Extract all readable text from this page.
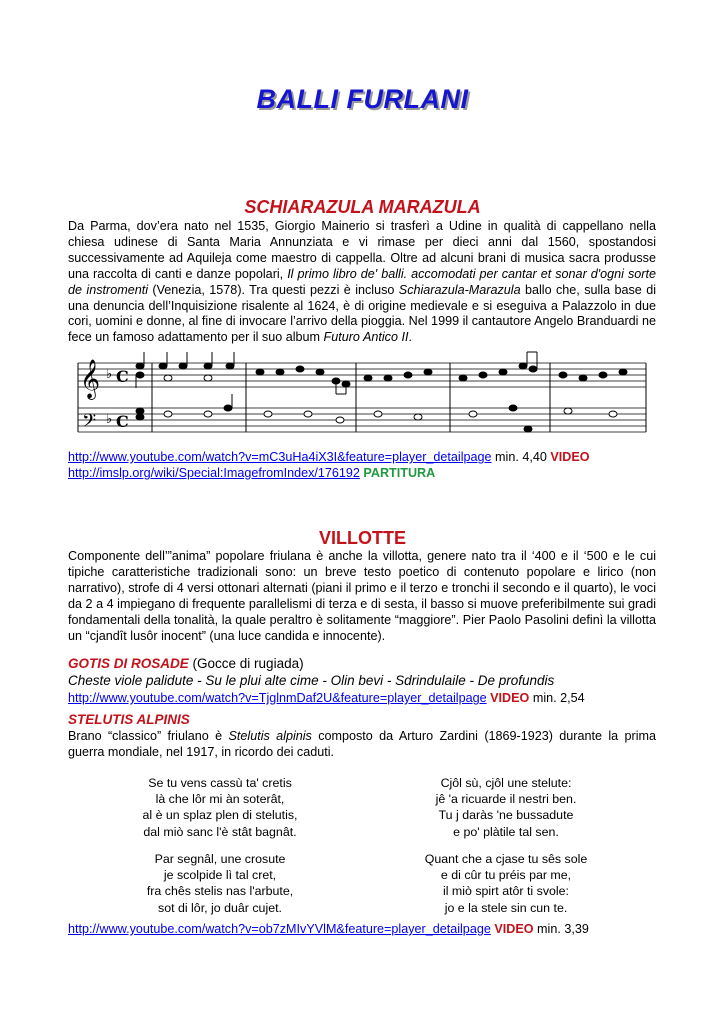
BALLI FURLANI
SCHIARAZULA MARAZULA
Da Parma, dov’era nato nel 1535, Giorgio Mainerio si trasferì a Udine in qualità di cappellano nella chiesa udinese di Santa Maria Annunziata e vi rimase per dieci anni dal 1560, spostandosi successivamente ad Aquileja come maestro di cappella. Oltre ad alcuni brani di musica sacra produsse una raccolta di canti e danze popolari, Il primo libro de' balli. accomodati per cantar et sonar d'ogni sorte de instromenti (Venezia, 1578). Tra questi pezzi è incluso Schiarazula-Marazula ballo che, sulla base di una denuncia dell’Inquisizione risalente al 1624, è di origine medievale e si eseguiva a Palazzolo in due cori, uomini e donne, al fine di invocare l’arrivo della pioggia. Nel 1999 il cantautore Angelo Branduardi ne fece un famoso adattamento per il suo album Futuro Antico II.
𝄞
𝄢
♭
♭
C
C
http://www.youtube.com/watch?v=mC3uHa4iX3I&feature=player_detailpage min. 4,40 VIDEO
http://imslp.org/wiki/Special:ImagefromIndex/176192 PARTITURA
VILLOTTE
Componente dell’”anima” popolare friulana è anche la villotta, genere nato tra il ‘400 e il ‘500 e le cui tipiche caratteristiche tradizionali sono: un breve testo poetico di contenuto popolare e lirico (non narrativo), strofe di 4 versi ottonari alternati (piani il primo e il terzo e tronchi il secondo e il quarto), le voci da 2 a 4 impiegano di frequente parallelismi di terza e di sesta, il basso si muove preferibilmente sui gradi fondamentali della tonalità, la quale peraltro è solitamente “maggiore”. Pier Paolo Pasolini definì la villotta un “cjandît lusôr inocent” (una luce candida e innocente).
GOTIS DI ROSADE (Gocce di rugiada)
Cheste viole palidute - Su le plui alte cime - Olin bevi - Sdrindulaile - De profundis
http://www.youtube.com/watch?v=TjglnmDaf2U&feature=player_detailpage VIDEO min. 2,54
STELUTIS ALPINIS
Brano “classico” friulano è Stelutis alpinis composto da Arturo Zardini (1869-1923) durante la prima guerra mondiale, nel 1917, in ricordo dei caduti.
Se tu vens cassù ta' cretis
là che lôr mi àn soterât,
al è un splaz plen di stelutis,
dal miò sanc l'è stât bagnât.
Cjôl sù, cjôl une stelute:
jê 'a ricuarde il nestri ben.
Tu j daràs 'ne bussadute
e po' plàtile tal sen.
Par segnâl, une crosute
je scolpide lì tal cret,
fra chês stelis nas l'arbute,
sot di lôr, jo duâr cujet.
Quant che a cjase tu sês sole
e di cûr tu préis par me,
il miò spirt atôr ti svole:
jo e la stele sin cun te.
http://www.youtube.com/watch?v=ob7zMIvYVlM&feature=player_detailpage VIDEO min. 3,39
